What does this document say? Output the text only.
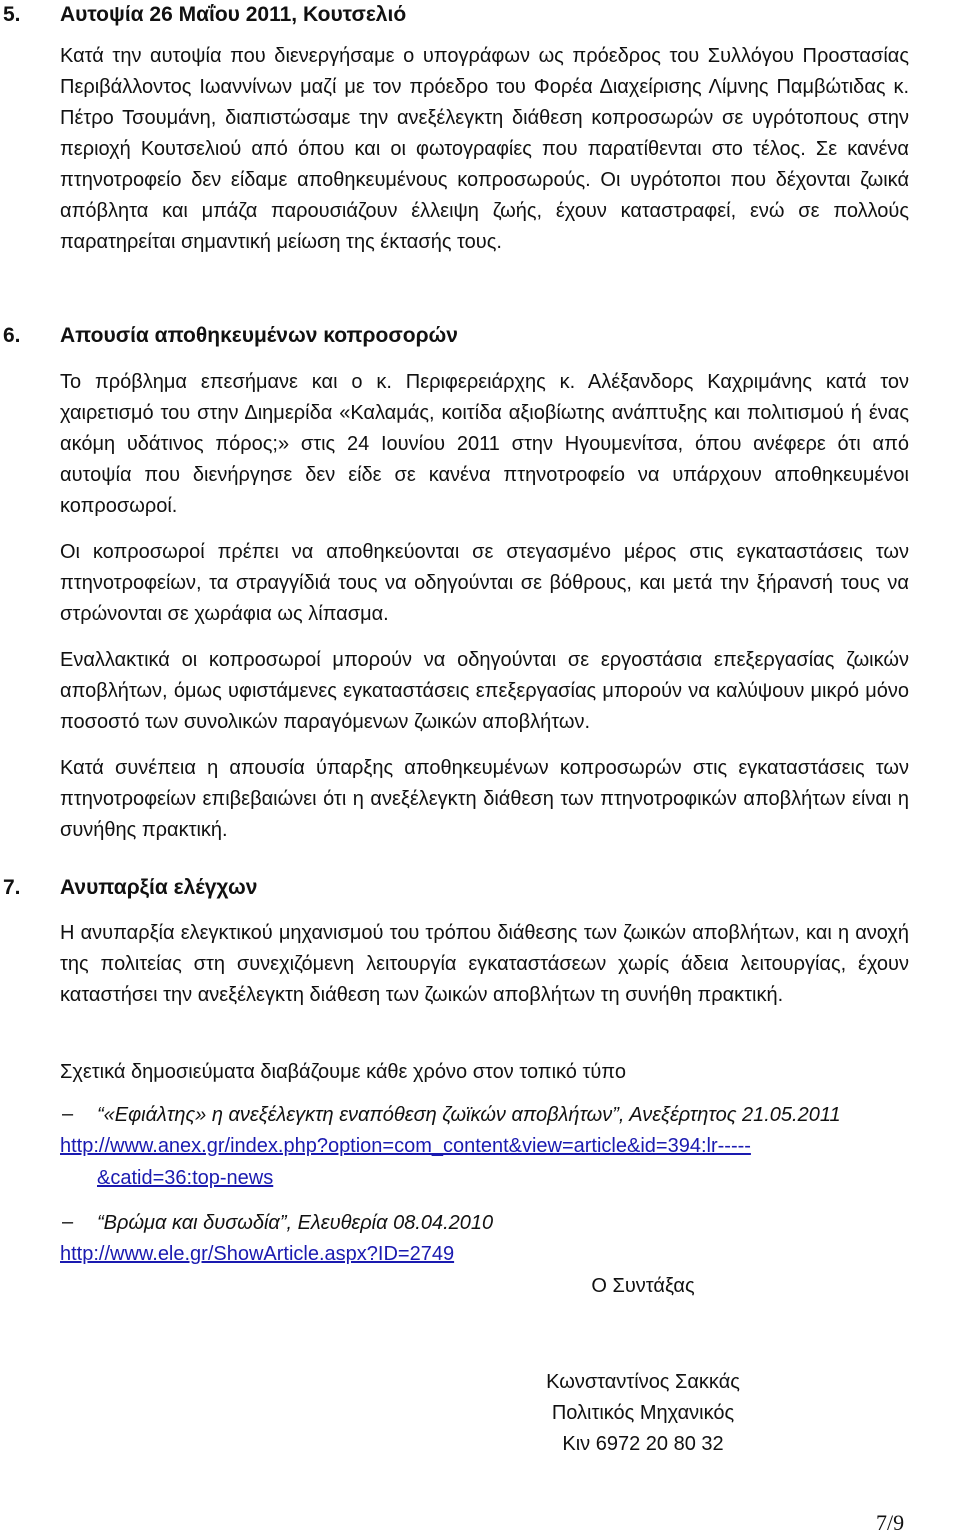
5. Αυτοψία 26 Μαΐου 2011, Κουτσελιό
Κατά την αυτοψία που διενεργήσαμε ο υπογράφων ως πρόεδρος του Συλλόγου Προστασίας Περιβάλλοντος Ιωαννίνων μαζί με τον πρόεδρο του Φορέα Διαχείρισης Λίμνης Παμβώτιδας κ. Πέτρο Τσουμάνη, διαπιστώσαμε την ανεξέλεγκτη διάθεση κοπροσωρών σε υγρότοπους στην περιοχή Κουτσελιού από όπου και οι φωτογραφίες που παρατίθενται στο τέλος. Σε κανένα πτηνοτροφείο δεν είδαμε αποθηκευμένους κοπροσωρούς. Οι υγρότοποι που δέχονται ζωικά απόβλητα και μπάζα παρουσιάζουν έλλειψη ζωής, έχουν καταστραφεί, ενώ σε πολλούς παρατηρείται σημαντική μείωση της έκτασής τους.
6. Απουσία αποθηκευμένων κοπροσορών
Το πρόβλημα επεσήμανε και ο κ. Περιφερειάρχης κ. Αλέξανδορς Καχριμάνης κατά τον χαιρετισμό του στην Διημερίδα «Καλαμάς, κοιτίδα αξιοβίωτης ανάπτυξης και πολιτισμού ή ένας ακόμη υδάτινος πόρος;» στις 24 Ιουνίου 2011 στην Ηγουμενίτσα, όπου ανέφερε ότι από αυτοψία που διενήργησε δεν είδε σε κανένα πτηνοτροφείο να υπάρχουν αποθηκευμένοι κοπροσωροί.
Οι κοπροσωροί πρέπει να αποθηκεύονται σε στεγασμένο μέρος στις εγκαταστάσεις των πτηνοτροφείων, τα στραγγίδιά τους να οδηγούνται σε βόθρους, και μετά την ξήρανσή τους να στρώνονται σε χωράφια ως λίπασμα.
Εναλλακτικά οι κοπροσωροί μπορούν να οδηγούνται σε εργοστάσια επεξεργασίας ζωικών αποβλήτων, όμως υφιστάμενες εγκαταστάσεις επεξεργασίας μπορούν να καλύψουν μικρό μόνο ποσοστό των συνολικών παραγόμενων ζωικών αποβλήτων.
Κατά συνέπεια η απουσία ύπαρξης αποθηκευμένων κοπροσωρών στις εγκαταστάσεις των πτηνοτροφείων επιβεβαιώνει ότι η ανεξέλεγκτη διάθεση των πτηνοτροφικών αποβλήτων είναι η συνήθης πρακτική.
7. Ανυπαρξία ελέγχων
Η ανυπαρξία ελεγκτικού μηχανισμού του τρόπου διάθεσης των ζωικών αποβλήτων, και η ανοχή της πολιτείας στη συνεχιζόμενη λειτουργία εγκαταστάσεων χωρίς άδεια λειτουργίας, έχουν καταστήσει την ανεξέλεγκτη διάθεση των ζωικών αποβλήτων τη συνήθη πρακτική.
Σχετικά δημοσιεύματα διαβάζουμε κάθε χρόνο στον τοπικό τύπο
– “«Εφιάλτης» η ανεξέλεγκτη εναπόθεση ζωϊκών αποβλήτων”, Ανεξέρτητος 21.05.2011
http://www.anex.gr/index.php?option=com_content&view=article&id=394:lr-----
&catid=36:top-news
– “Βρώμα και δυσωδία”, Ελευθερία 08.04.2010
http://www.ele.gr/ShowArticle.aspx?ID=2749
Ο Συντάξας
Κωνσταντίνος Σακκάς
Πολιτικός Μηχανικός
Κιν 6972 20 80 32
7/9
